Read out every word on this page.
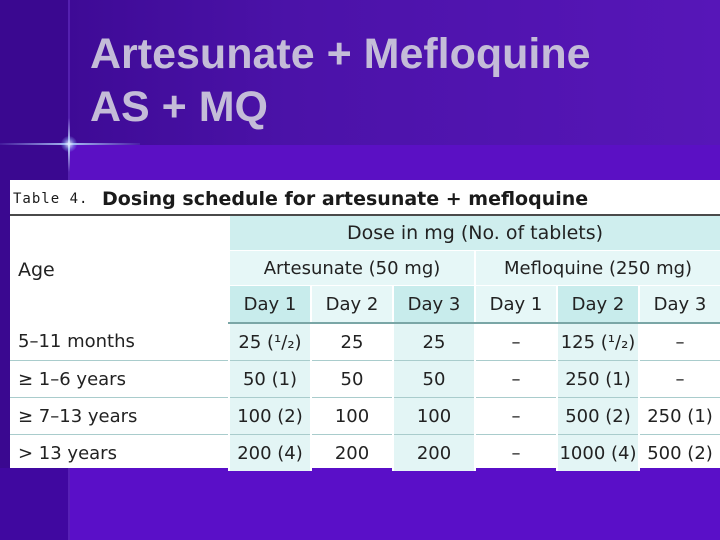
Artesunate + Mefloquine
AS + MQ
Table 4. Dosing schedule for artesunate + mefloquine
Age	Dose in mg (No. of tablets)					
	Artesunate (50 mg)			Mefloquine (250 mg)		
	Day 1	Day 2	Day 3	Day 1	Day 2	Day 3
5–11 months	25 (¹/₂)	25	25	–	125 (¹/₂)	–
≥ 1–6 years	50 (1)	50	50	–	250 (1)	–
≥ 7–13 years	100 (2)	100	100	–	500 (2)	250 (1)
> 13 years	200 (4)	200	200	–	1000 (4)	500 (2)
